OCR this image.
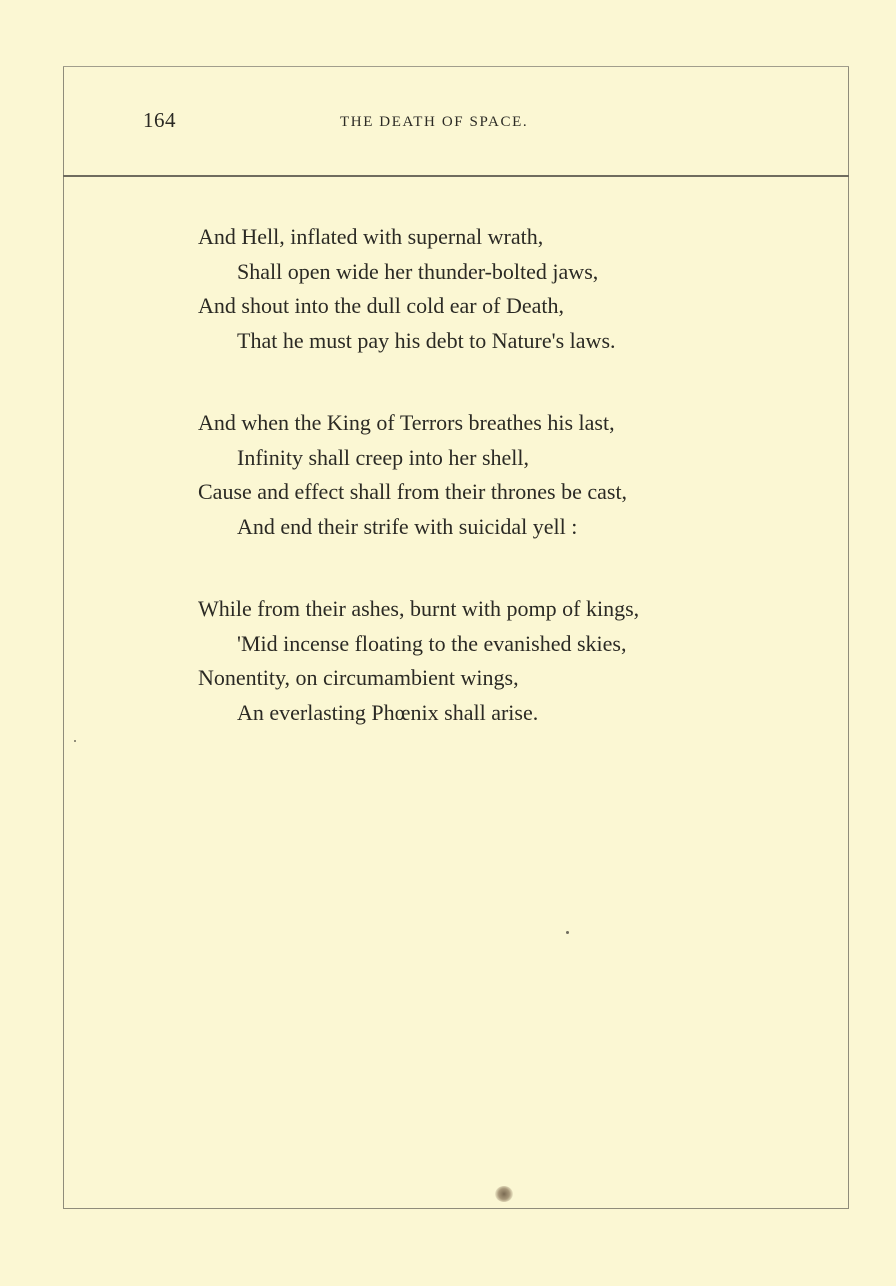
164	THE DEATH OF SPACE.
And Hell, inflated with supernal wrath,
Shall open wide her thunder-bolted jaws,
And shout into the dull cold ear of Death,
That he must pay his debt to Nature's laws.
And when the King of Terrors breathes his last,
Infinity shall creep into her shell,
Cause and effect shall from their thrones be cast,
And end their strife with suicidal yell :
While from their ashes, burnt with pomp of kings,
'Mid incense floating to the evanished skies,
Nonentity, on circumambient wings,
An everlasting Phœnix shall arise.
